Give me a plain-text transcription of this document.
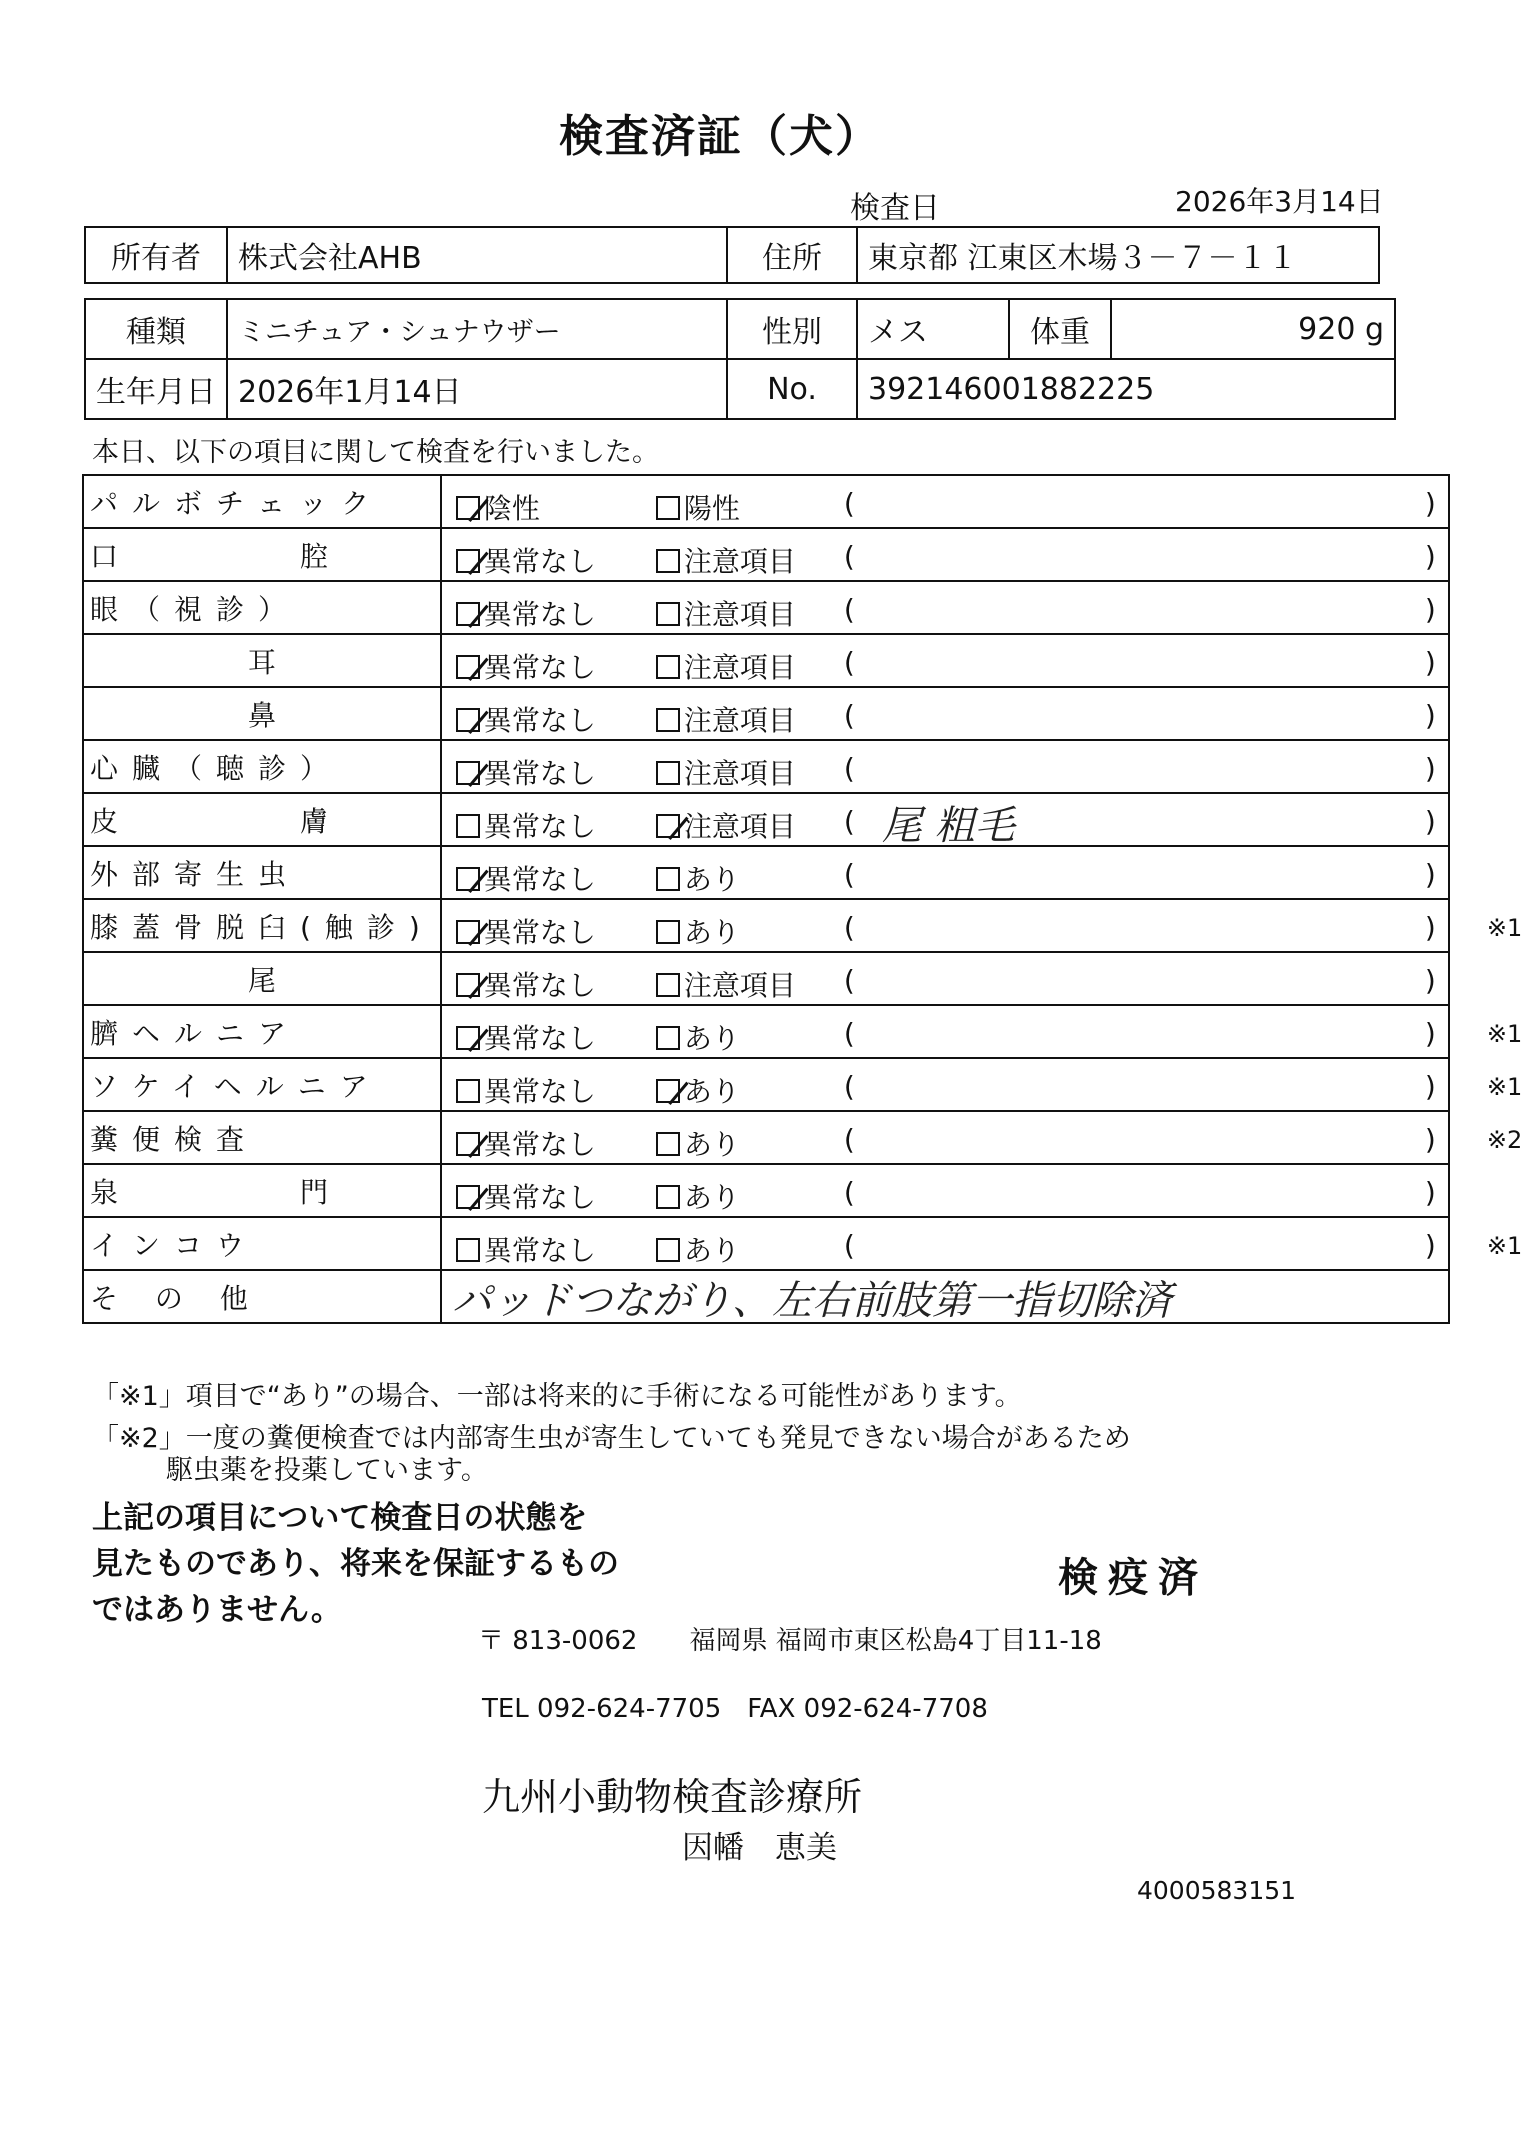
検査済証（犬）
検査日	2026年3月14日
所有者	株式会社AHB	住所	東京都 江東区木場３－７－１１
種類	ミニチュア・シュナウザー	性別	メス	体重	920 g
生年月日	2026年1月14日	No.	392146001882225		
本日、以下の項目に関して検査を行いました。
パルボチェック	陰性 陽性 ( )

口　　　　腔	異常なし 注意項目 ( )

眼（視診）	異常なし 注意項目 ( )

耳	異常なし 注意項目 ( )

鼻	異常なし 注意項目 ( )

心臓（聴診）	異常なし 注意項目 ( )

皮　　　　膚	異常なし 注意項目 ( 尾 粗毛 )

外部寄生虫	異常なし あり ( )

膝蓋骨脱臼(触診)	異常なし あり ( ) ※1

尾	異常なし 注意項目 ( )

臍ヘルニア	異常なし あり ( ) ※1

ソケイヘルニア	異常なし あり ( ) ※1

糞便検査	異常なし あり ( ) ※2

泉　　　　門	異常なし あり ( )

インコウ	異常なし あり ( ) ※1

そ の 他	パッドつながり、左右前肢第一指切除済
「※1」項目で“あり”の場合、一部は将来的に手術になる可能性があります。
「※2」一度の糞便検査では内部寄生虫が寄生していても発見できない場合があるため
駆虫薬を投薬しています。
上記の項目について検査日の状態を
見たものであり、将来を保証するもの
ではありません。
検疫済
〒 813-0062　　福岡県 福岡市東区松島4丁目11-18
TEL 092-624-7705　FAX 092-624-7708
九州小動物検査診療所
因幡　恵美
4000583151
